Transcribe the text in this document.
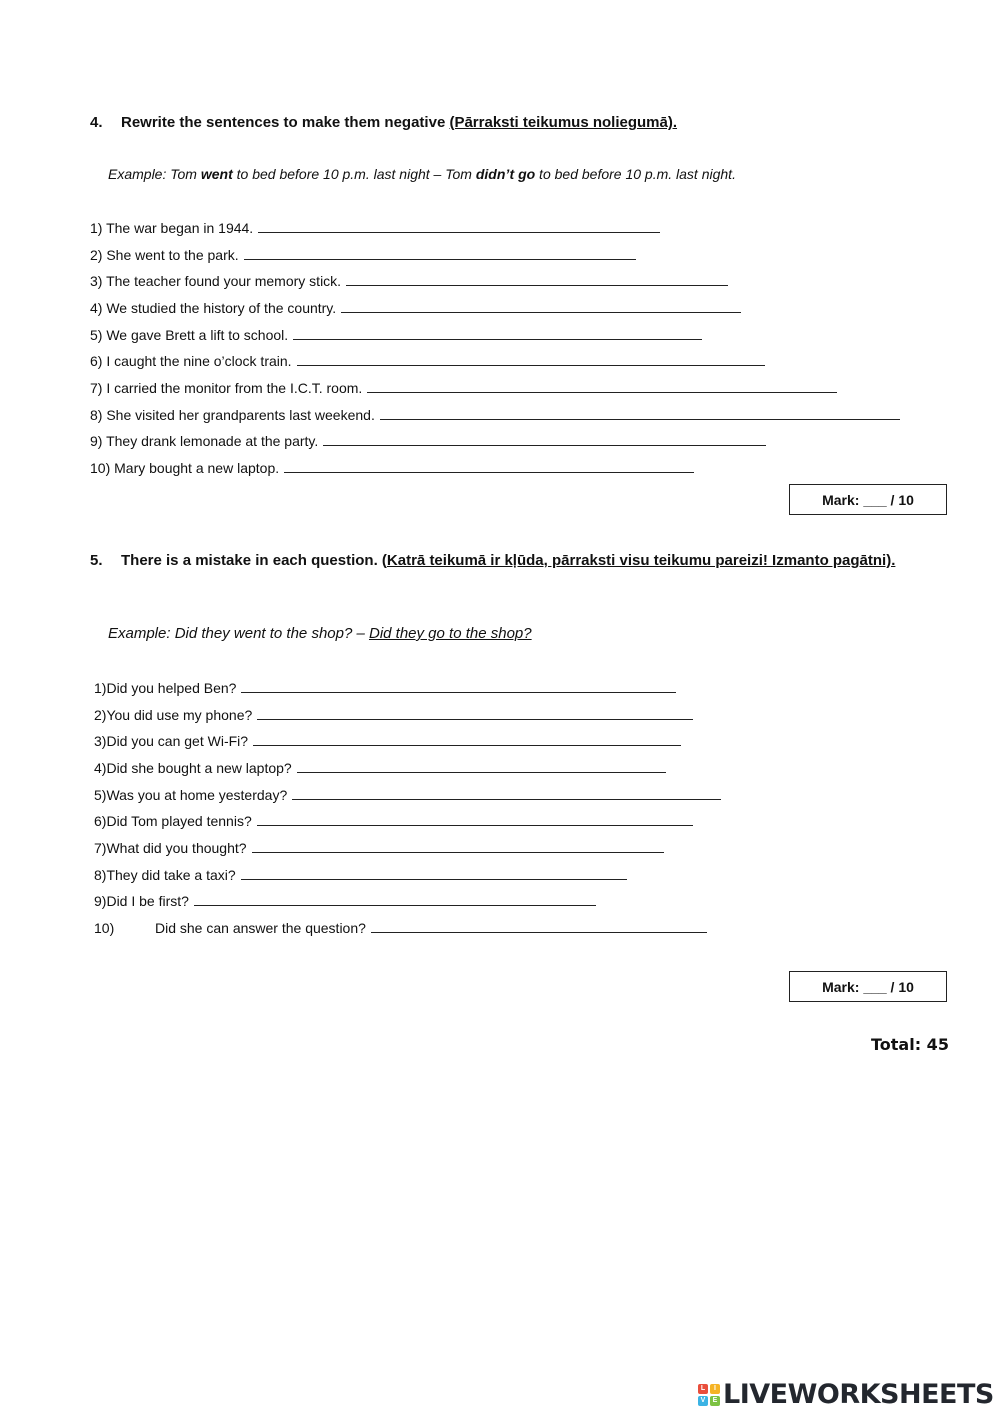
4.	Rewrite the sentences to make them negative (Pārraksti teikumus noliegumā).
Example: Tom went to bed before 10 p.m. last night – Tom didn’t go to bed before 10 p.m. last night.
1) The war began in 1944.
2) She went to the park.
3) The teacher found your memory stick.
4) We studied the history of the country.
5) We gave Brett a lift to school.
6) I caught the nine o’clock train.
7) I carried the monitor from the I.C.T. room.
8) She visited her grandparents last weekend.
9) They drank lemonade at the party.
10) Mary bought a new laptop.
Mark: ___ / 10
5.	There is a mistake in each question. (Katrā teikumā ir kļūda, pārraksti visu teikumu pareizi! Izmanto pagātni).
Example: Did they went to the shop? – Did they go to the shop?
1) Did you helped Ben?
2) You did use my phone?
3) Did you can get Wi-Fi?
4) Did she bought a new laptop?
5) Was you at home yesterday?
6) Did Tom played tennis?
7) What did you thought?
8) They did take a taxi?
9) Did I be first?
10)	Did she can answer the question?
Mark: ___ / 10
Total: 45
L	I
V	E LIVEWORKSHEETS
